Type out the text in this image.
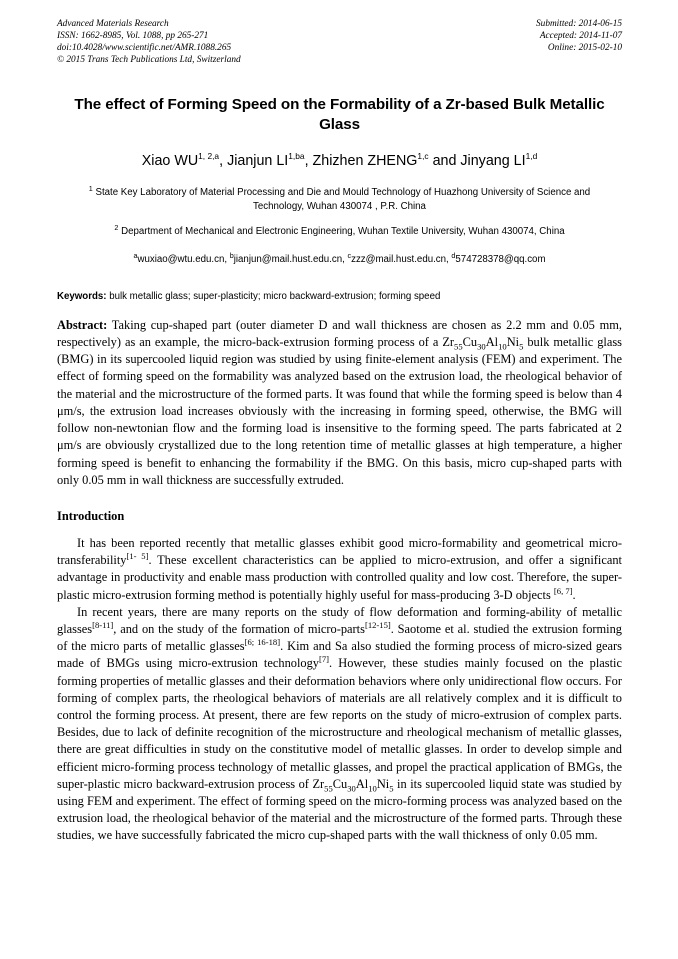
Advanced Materials Research
ISSN: 1662-8985, Vol. 1088, pp 265-271
doi:10.4028/www.scientific.net/AMR.1088.265
© 2015 Trans Tech Publications Ltd, Switzerland
Submitted: 2014-06-15
Accepted: 2014-11-07
Online: 2015-02-10
The effect of Forming Speed on the Formability of a Zr-based Bulk Metallic Glass
Xiao WU$^{1, 2,a}$, Jianjun $LI^{1,ba}$, Zhizhen ZHENG$^{1,c}$ and Jinyang LI$^{1,d}$
$^1$ State Key Laboratory of Material Processing and Die and Mould Technology of Huazhong University of Science and Technology, Wuhan 430074 , P.R. China
$^2$ Department of Mechanical and Electronic Engineering, Wuhan Textile University, Wuhan 430074, China
$^a$wuxiao@wtu.edu.cn, $^b$jianjun@mail.hust.edu.cn, $^c$zzz@mail.hust.edu.cn, $^d$574728378@qq.com
Keywords: bulk metallic glass; super-plasticity; micro backward-extrusion; forming speed
Abstract: Taking cup-shaped part (outer diameter D and wall thickness are chosen as 2.2 mm and 0.05 mm, respectively) as an example, the micro-back-extrusion forming process of a $Zr_{55}Cu_{30}Al_{10}Ni_5$ bulk metallic glass (BMG) in its supercooled liquid region was studied by using finite-element analysis (FEM) and experiment. The effect of forming speed on the formability was analyzed based on the extrusion load, the rheological behavior of the material and the microstructure of the formed parts. It was found that while the forming speed is below than 4 μm/s, the extrusion load increases obviously with the increasing in forming speed, otherwise, the BMG will follow non-newtonian flow and the forming load is insensitive to the forming speed. The parts fabricated at 2 μm/s are obviously crystallized due to the long retention time of metallic glasses at high temperature, a higher forming speed is benefit to enhancing the formability if the BMG. On this basis, micro cup-shaped parts with only 0.05 mm in wall thickness are successfully extruded.
Introduction
It has been reported recently that metallic glasses exhibit good micro-formability and geometrical micro-transferability[1- 5]. These excellent characteristics can be applied to micro-extrusion, and offer a significant advantage in productivity and enable mass production with controlled quality and low cost. Therefore, the super-plastic micro-extrusion forming method is potentially highly useful for mass-producing 3-D objects [6, 7].
In recent years, there are many reports on the study of flow deformation and forming-ability of metallic glasses[8-11], and on the study of the formation of micro-parts[12-15]. Saotome et al. studied the extrusion forming of the micro parts of metallic glasses[6; 16-18]. Kim and Sa also studied the forming process of micro-sized gears made of BMGs using micro-extrusion technology[7]. However, these studies mainly focused on the plastic forming properties of metallic glasses and their deformation behaviors where only unidirectional flow occurs. For forming of complex parts, the rheological behaviors of materials are all relatively complex and it is difficult to control the forming process. At present, there are few reports on the study of micro-extrusion of complex parts. Besides, due to lack of definite recognition of the microstructure and rheological mechanism of metallic glasses, there are great difficulties in study on the constitutive model of metallic glasses. In order to develop simple and efficient micro-forming process technology of metallic glasses, and propel the practical application of BMGs, the super-plastic micro backward-extrusion process of $Zr_{55}Cu_{30}Al_{10}Ni_5$ in its supercooled liquid state was studied by using FEM and experiment. The effect of forming speed on the micro-forming process was analyzed based on the extrusion load, the rheological behavior of the material and the microstructure of the formed parts. Through these studies, we have successfully fabricated the micro cup-shaped parts with the wall thickness of only 0.05 mm.
